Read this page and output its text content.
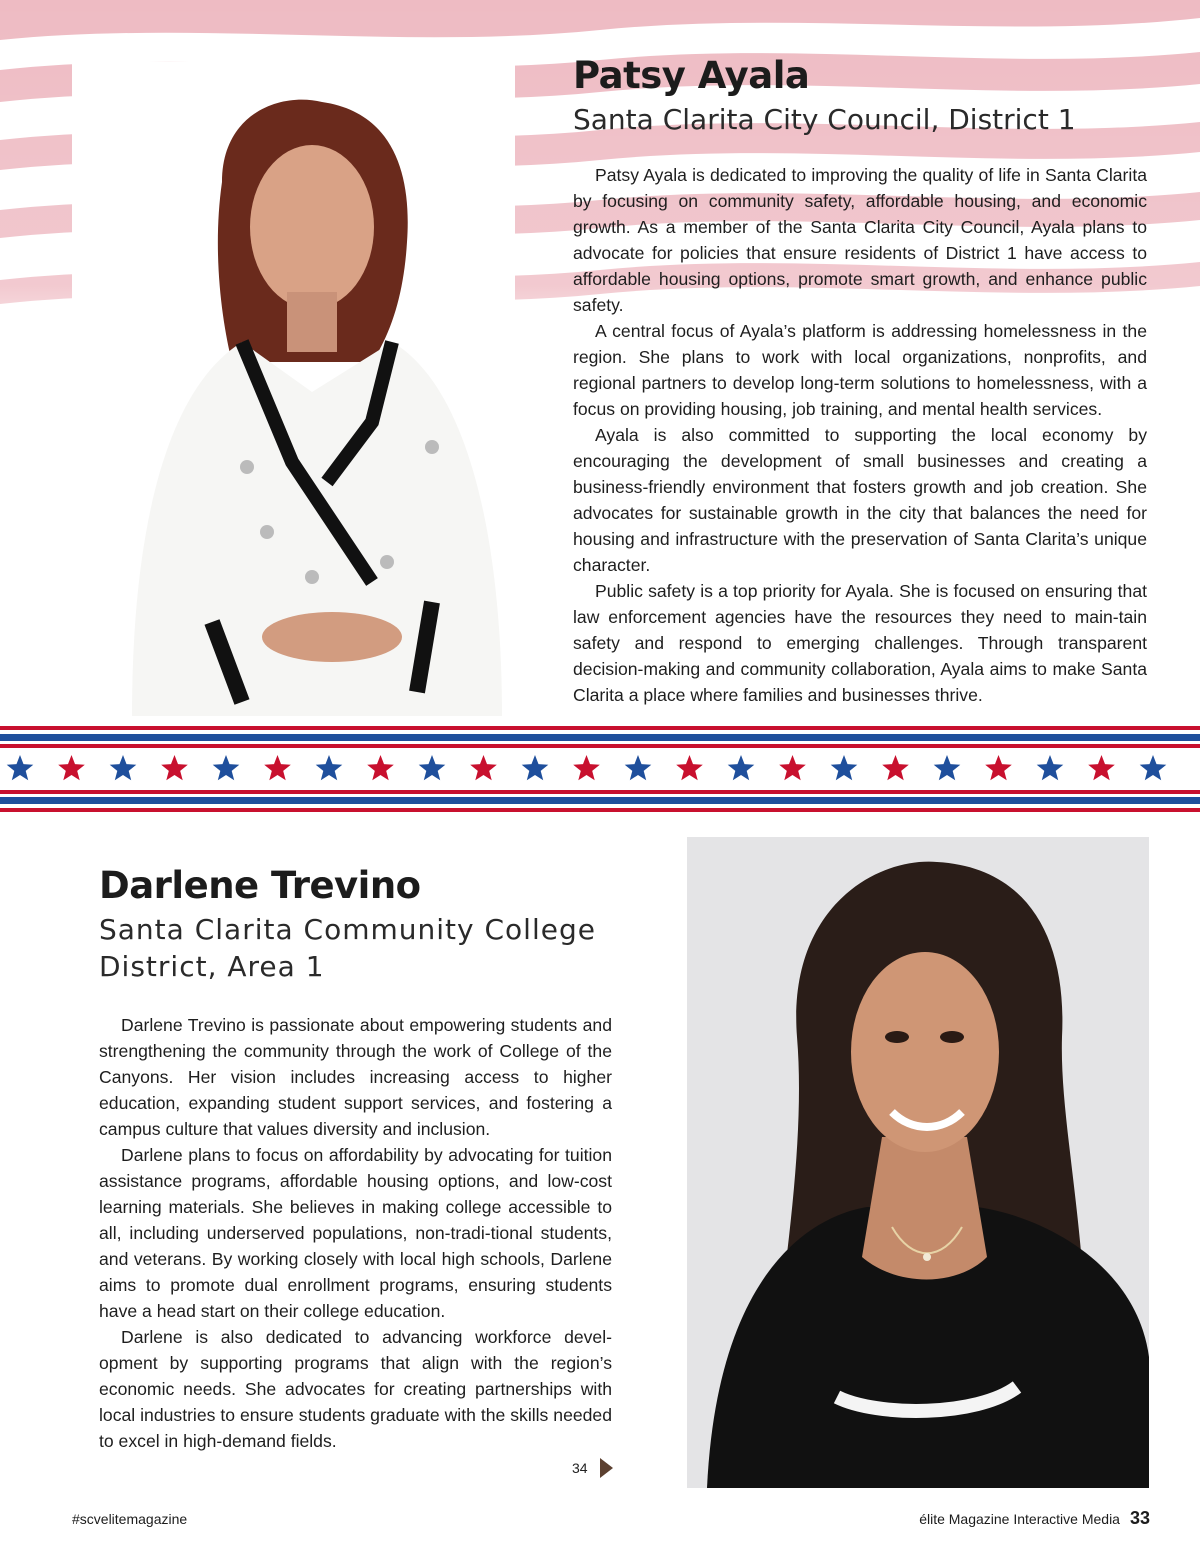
Patsy Ayala
Santa Clarita City Council, District 1

Patsy Ayala is dedicated to improving the quality of life in Santa Clarita by focusing on community safety, affordable housing, and economic growth. As a member of the Santa Clarita City Council, Ayala plans to advocate for policies that ensure residents of District 1 have access to affordable housing options, promote smart growth, and enhance public safety.

A central focus of Ayala’s platform is addressing homelessness in the region. She plans to work with local organizations, nonprofits, and regional partners to develop long-term solutions to homelessness, with a focus on providing housing, job training, and mental health services.

Ayala is also committed to supporting the local economy by encouraging the development of small businesses and creating a business-friendly environment that fosters growth and job creation. She advocates for sustainable growth in the city that balances the need for housing and infrastructure with the preservation of Santa Clarita’s unique character.

Public safety is a top priority for Ayala. She is focused on ensuring that law enforcement agencies have the resources they need to main-tain safety and respond to emerging challenges. Through transparent decision-making and community collaboration, Ayala aims to make Santa Clarita a place where families and businesses thrive.

Darlene Trevino
Santa Clarita Community College
District, Area 1

Darlene Trevino is passionate about empowering students and strengthening the community through the work of College of the Canyons. Her vision includes increasing access to higher education, expanding student support services, and fostering a campus culture that values diversity and inclusion.

Darlene plans to focus on affordability by advocating for tuition assistance programs, affordable housing options, and low-cost learning materials. She believes in making college accessible to all, including underserved populations, non-tradi-tional students, and veterans. By working closely with local high schools, Darlene aims to promote dual enrollment programs, ensuring students have a head start on their college education.

Darlene is also dedicated to advancing workforce devel-opment by supporting programs that align with the region’s economic needs. She advocates for creating partnerships with local industries to ensure students graduate with the skills needed to excel in high-demand fields.

34
#scvelitemagazine	élite Magazine Interactive Media 33
